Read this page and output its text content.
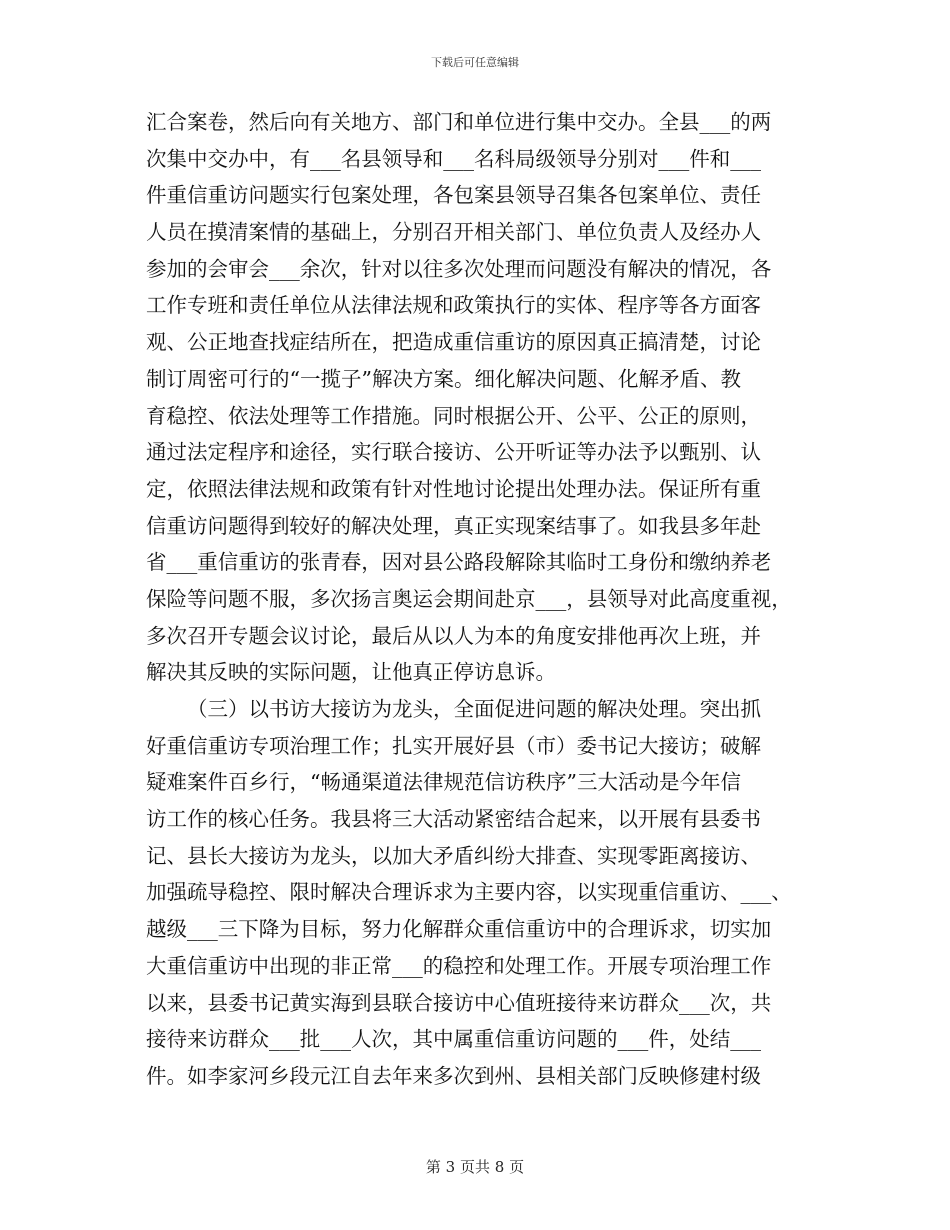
下载后可任意编辑
汇合案卷，然后向有关地方、部门和单位进行集中交办。全县___的两
次集中交办中，有___名县领导和___名科局级领导分别对___件和___
件重信重访问题实行包案处理，各包案县领导召集各包案单位、责任
人员在摸清案情的基础上，分别召开相关部门、单位负责人及经办人
参加的会审会___余次，针对以往多次处理而问题没有解决的情况，各
工作专班和责任单位从法律法规和政策执行的实体、程序等各方面客
观、公正地查找症结所在，把造成重信重访的原因真正搞清楚，讨论
制订周密可行的“一揽子”解决方案。细化解决问题、化解矛盾、教
育稳控、依法处理等工作措施。同时根据公开、公平、公正的原则，
通过法定程序和途径，实行联合接访、公开听证等办法予以甄别、认
定，依照法律法规和政策有针对性地讨论提出处理办法。保证所有重
信重访问题得到较好的解决处理，真正实现案结事了。如我县多年赴
省___重信重访的张青春，因对县公路段解除其临时工身份和缴纳养老
保险等问题不服，多次扬言奥运会期间赴京___，县领导对此高度重视，
多次召开专题会议讨论，最后从以人为本的角度安排他再次上班，并
解决其反映的实际问题，让他真正停访息诉。
（三）以书访大接访为龙头，全面促进问题的解决处理。突出抓
好重信重访专项治理工作；扎实开展好县（市）委书记大接访；破解
疑难案件百乡行，“畅通渠道法律规范信访秩序”三大活动是今年信
访工作的核心任务。我县将三大活动紧密结合起来，以开展有县委书
记、县长大接访为龙头，以加大矛盾纠纷大排查、实现零距离接访、
加强疏导稳控、限时解决合理诉求为主要内容，以实现重信重访、___、
越级___三下降为目标，努力化解群众重信重访中的合理诉求，切实加
大重信重访中出现的非正常___的稳控和处理工作。开展专项治理工作
以来，县委书记黄实海到县联合接访中心值班接待来访群众___次，共
接待来访群众___批___人次，其中属重信重访问题的___件，处结___
件。如李家河乡段元江自去年来多次到州、县相关部门反映修建村级
第 3 页共 8 页
